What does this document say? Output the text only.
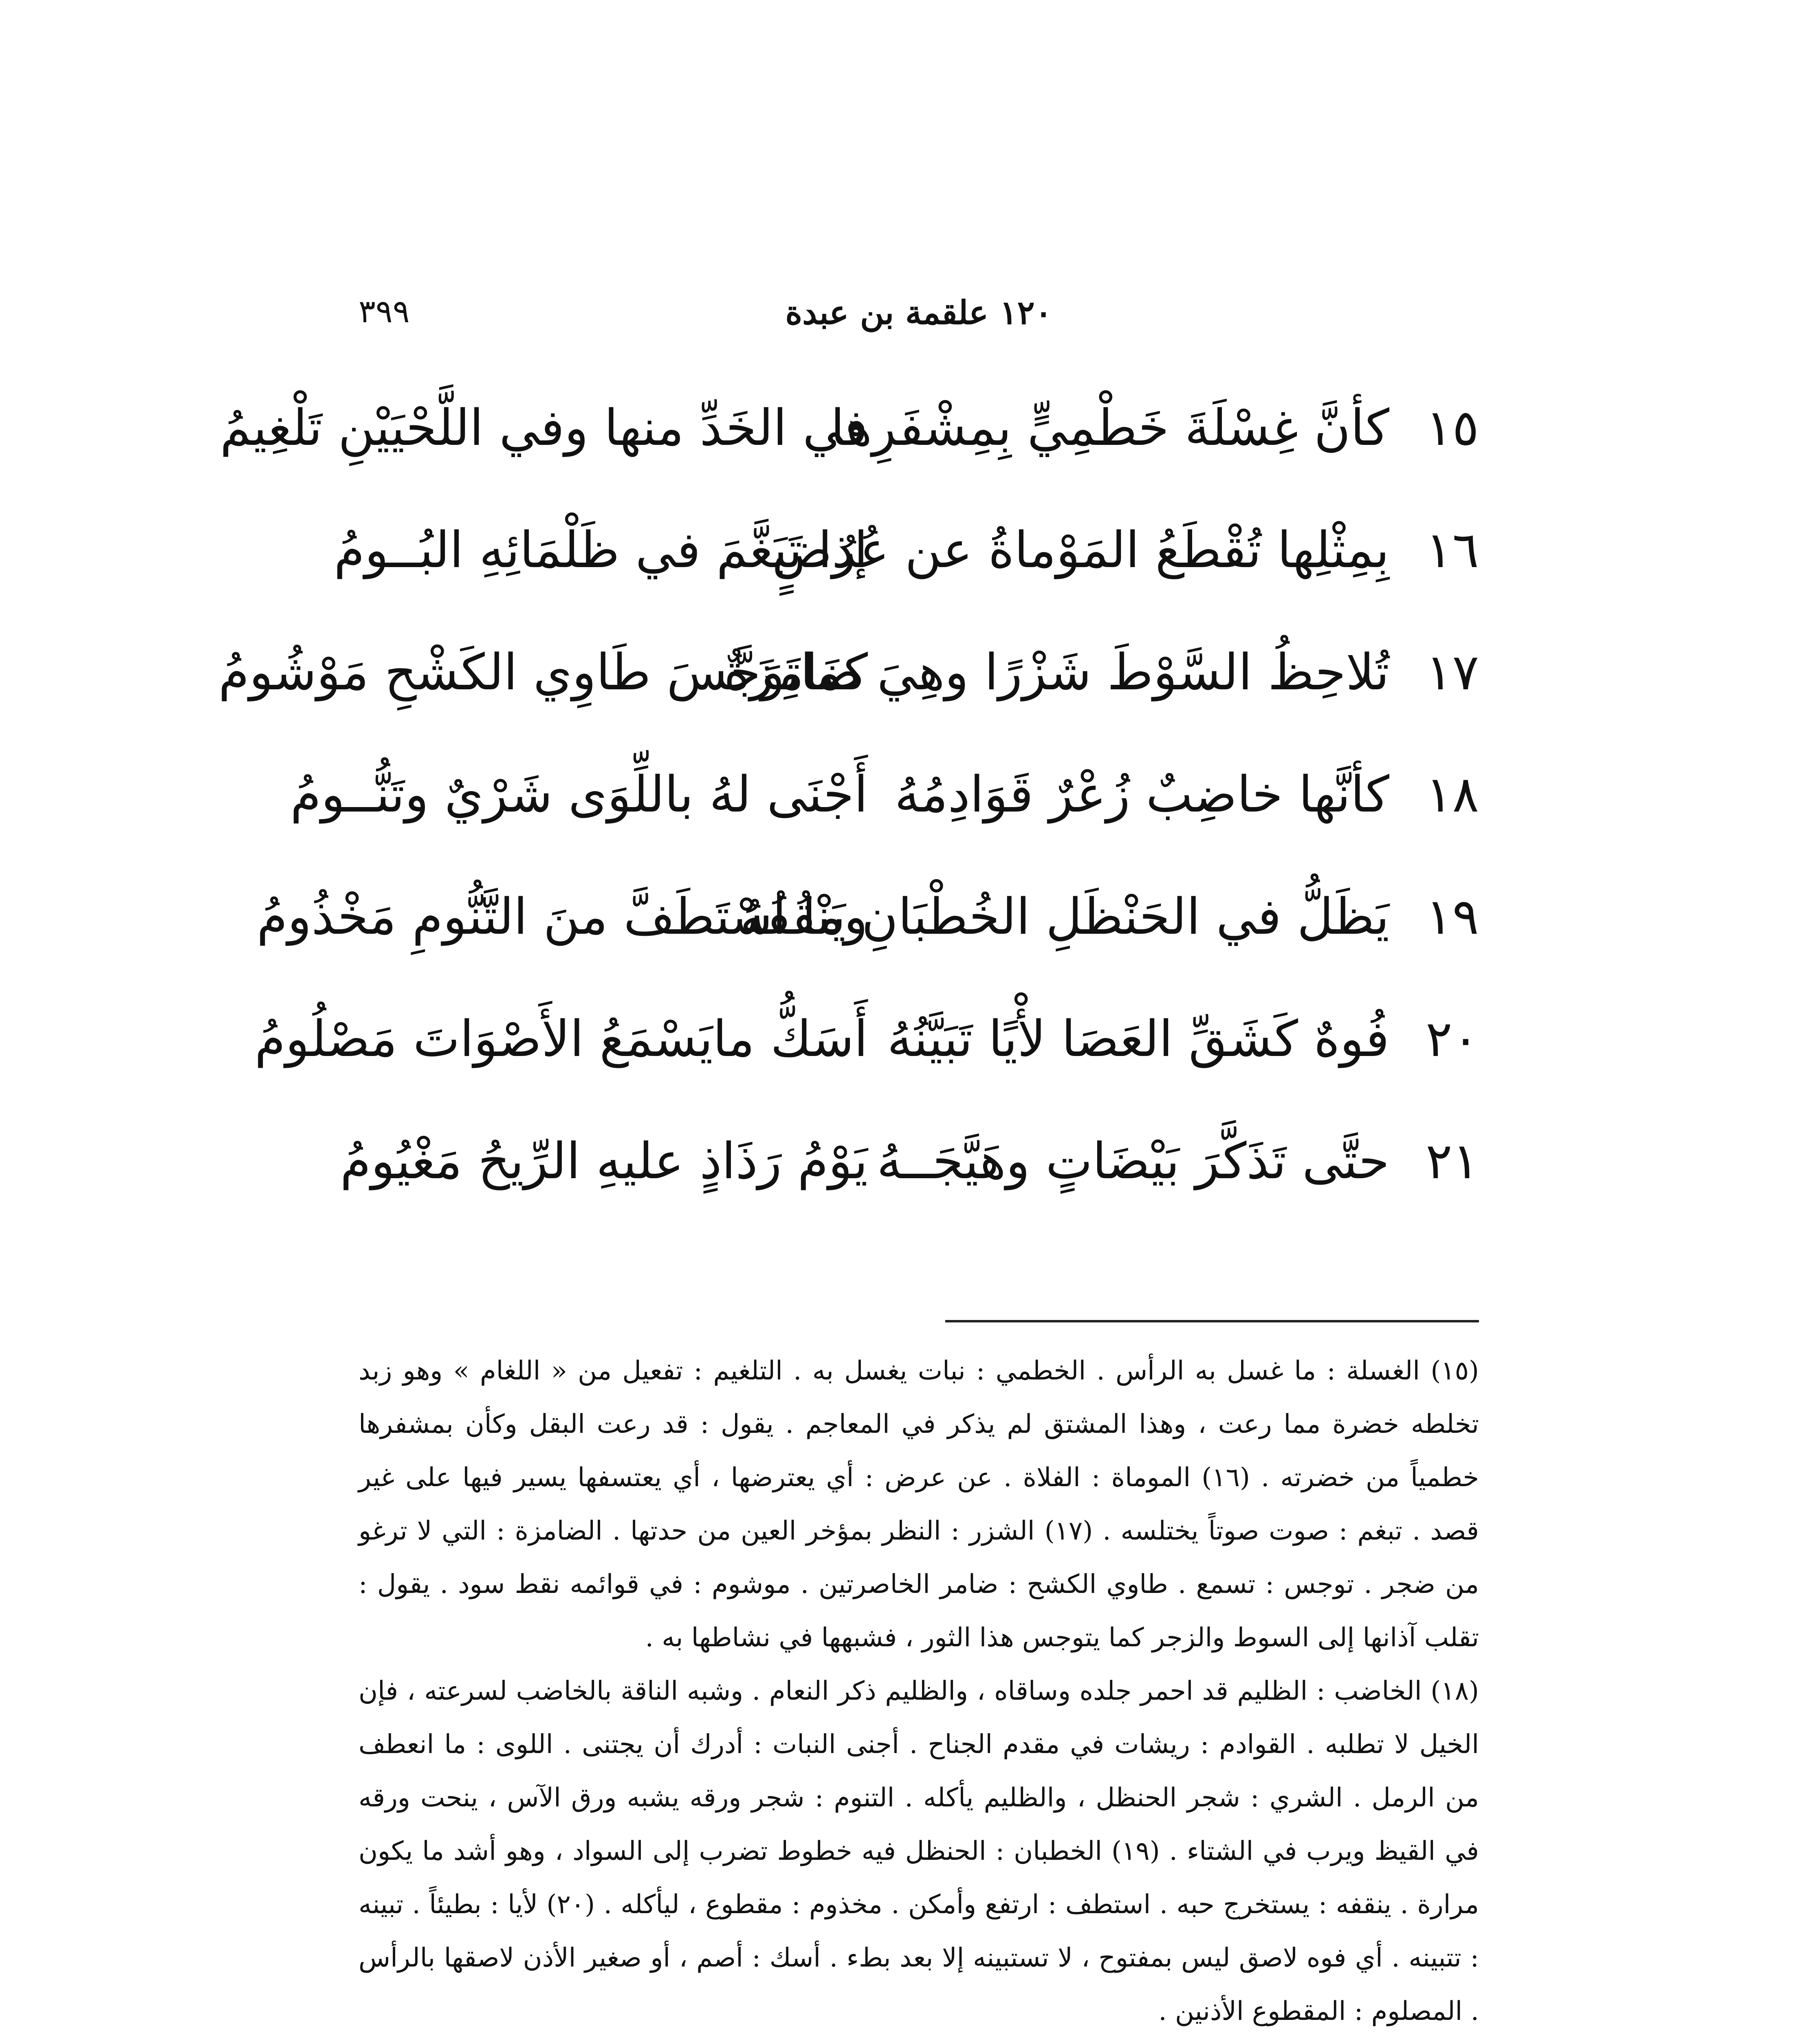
٣٩٩	١٢٠ علقمة بن عبدة
١٥
كأنَّ غِسْلَةَ خَطْمِيٍّ بِمِشْفَرِها
في الخَدِّ منها وفي اللَّحْيَيْنِ تَلْغِيمُ
١٦
بِمِثْلِها تُقْطَعُ المَوْماةُ عن عُرُضٍ
إذا تَبَغَّمَ في ظَلْمَائِهِ البُــومُ
١٧
تُلاحِظُ السَّوْطَ شَزْرًا وهِيَ ضَامِزَةٌ
كماتَوَجَّسَ طَاوِي الكَشْحِ مَوْشُومُ
١٨
كأنَّها خاضِبٌ زُعْرٌ قَوَادِمُهُ
أَجْنَى لهُ باللِّوَى شَرْيٌ وتَنُّــومُ
١٩
يَظَلُّ في الحَنْظَلِ الخُطْبَانِ يَنْقُفُهُ
وما اسْتَطَفَّ منَ التَّنُّومِ مَخْذُومُ
٢٠
فُوهٌ كَشَقِّ العَصَا لأْيًا تَبَيَّنُهُ
أَسَكُّ مايَسْمَعُ الأَصْوَاتَ مَصْلُومُ
٢١
حتَّى تَذَكَّرَ بَيْضَاتٍ وهَيَّجَــهُ
يَوْمُ رَذَاذٍ عليهِ الرِّيحُ مَغْيُومُ

(١٥) الغسلة : ما غسل به الرأس . الخطمي : نبات يغسل به . التلغيم : تفعيل من « اللغام » وهو زبد تخلطه خضرة مما رعت ، وهذا المشتق لم يذكر في المعاجم . يقول : قد رعت البقل وكأن بمشفرها خطمياً من خضرته . (١٦) الموماة : الفلاة . عن عرض : أي يعترضها ، أي يعتسفها يسير فيها على غير قصد . تبغم : صوت صوتاً يختلسه . (١٧) الشزر : النظر بمؤخر العين من حدتها . الضامزة : التي لا ترغو من ضجر . توجس : تسمع . طاوي الكشح : ضامر الخاصرتين . موشوم : في قوائمه نقط سود . يقول : تقلب آذانها إلى السوط والزجر كما يتوجس هذا الثور ، فشبهها في نشاطها به .

(١٨) الخاضب : الظليم قد احمر جلده وساقاه ، والظليم ذكر النعام . وشبه الناقة بالخاضب لسرعته ، فإن الخيل لا تطلبه . القوادم : ريشات في مقدم الجناح . أجنى النبات : أدرك أن يجتنى . اللوى : ما انعطف من الرمل . الشري : شجر الحنظل ، والظليم يأكله . التنوم : شجر ورقه يشبه ورق الآس ، ينحت ورقه في القيظ ويرب في الشتاء . (١٩) الخطبان : الحنظل فيه خطوط تضرب إلى السواد ، وهو أشد ما يكون مرارة . ينقفه : يستخرج حبه . استطف : ارتفع وأمكن . مخذوم : مقطوع ، ليأكله . (٢٠) لأيا : بطيئاً . تبينه : تتبينه . أي فوه لاصق ليس بمفتوح ، لا تستبينه إلا بعد بطء . أسك : أصم ، أو صغير الأذن لاصقها بالرأس . المصلوم : المقطوع الأذنين .
